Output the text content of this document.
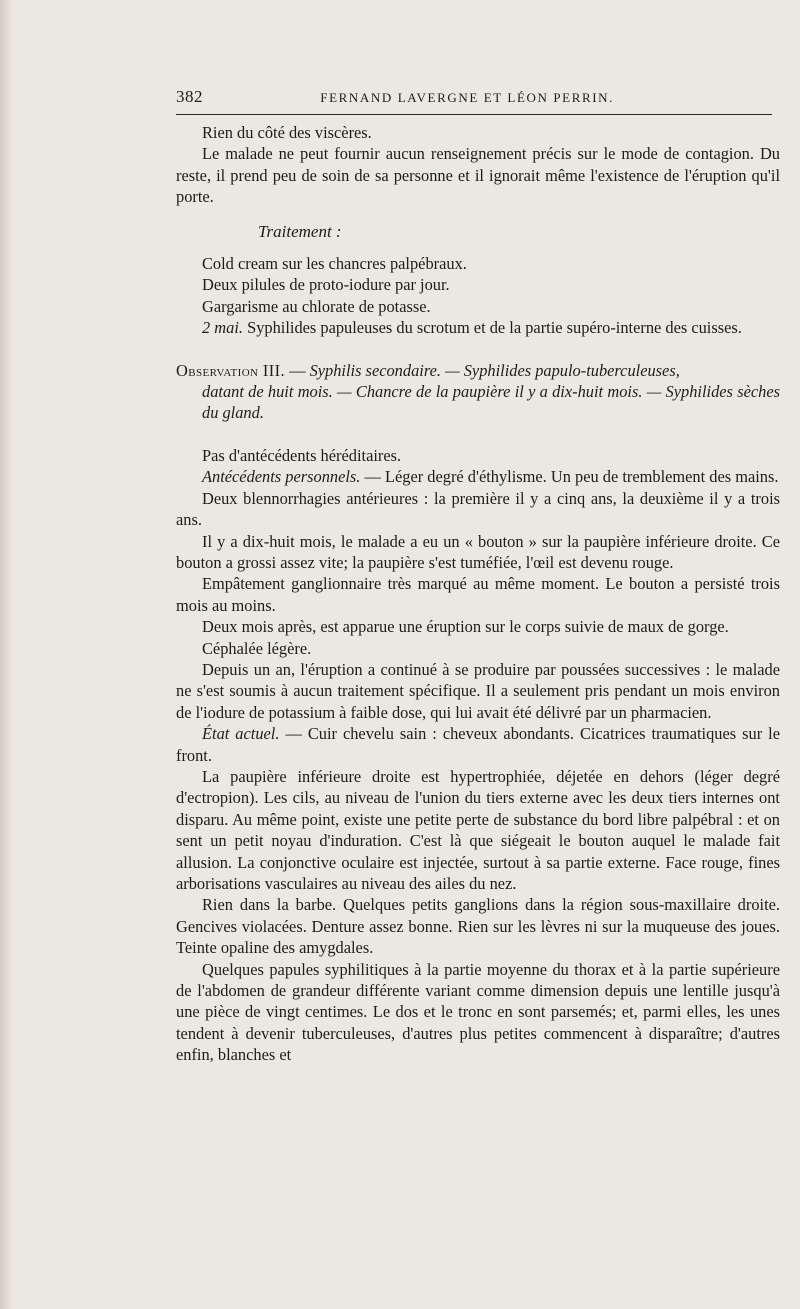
382	FERNAND LAVERGNE ET LÉON PERRIN.

Rien du côté des viscères.

Le malade ne peut fournir aucun renseignement précis sur le mode de contagion. Du reste, il prend peu de soin de sa personne et il ignorait même l'existence de l'éruption qu'il porte.

Traitement :

Cold cream sur les chancres palpébraux.

Deux pilules de proto-iodure par jour.

Gargarisme au chlorate de potasse.

2 mai. Syphilides papuleuses du scrotum et de la partie supéro-interne des cuisses.

Observation III. — Syphilis secondaire. — Syphilides papulo-tuberculeuses,

datant de huit mois. — Chancre de la paupière il y a dix-huit mois. — Syphilides sèches du gland.

Pas d'antécédents héréditaires.

Antécédents personnels. — Léger degré d'éthylisme. Un peu de tremblement des mains.

Deux blennorrhagies antérieures : la première il y a cinq ans, la deuxième il y a trois ans.

Il y a dix-huit mois, le malade a eu un « bouton » sur la paupière inférieure droite. Ce bouton a grossi assez vite; la paupière s'est tuméfiée, l'œil est devenu rouge.

Empâtement ganglionnaire très marqué au même moment. Le bouton a persisté trois mois au moins.

Deux mois après, est apparue une éruption sur le corps suivie de maux de gorge.

Céphalée légère.

Depuis un an, l'éruption a continué à se produire par poussées successives : le malade ne s'est soumis à aucun traitement spécifique. Il a seulement pris pendant un mois environ de l'iodure de potassium à faible dose, qui lui avait été délivré par un pharmacien.

État actuel. — Cuir chevelu sain : cheveux abondants. Cicatrices traumatiques sur le front.

La paupière inférieure droite est hypertrophiée, déjetée en dehors (léger degré d'ectropion). Les cils, au niveau de l'union du tiers externe avec les deux tiers internes ont disparu. Au même point, existe une petite perte de substance du bord libre palpébral : et on sent un petit noyau d'induration. C'est là que siégeait le bouton auquel le malade fait allusion. La conjonctive oculaire est injectée, surtout à sa partie externe. Face rouge, fines arborisations vasculaires au niveau des ailes du nez.

Rien dans la barbe. Quelques petits ganglions dans la région sous-maxillaire droite. Gencives violacées. Denture assez bonne. Rien sur les lèvres ni sur la muqueuse des joues. Teinte opaline des amygdales.

Quelques papules syphilitiques à la partie moyenne du thorax et à la partie supérieure de l'abdomen de grandeur différente variant comme dimension depuis une lentille jusqu'à une pièce de vingt centimes. Le dos et le tronc en sont parsemés; et, parmi elles, les unes tendent à devenir tuberculeuses, d'autres plus petites commencent à disparaître; d'autres enfin, blanches et
